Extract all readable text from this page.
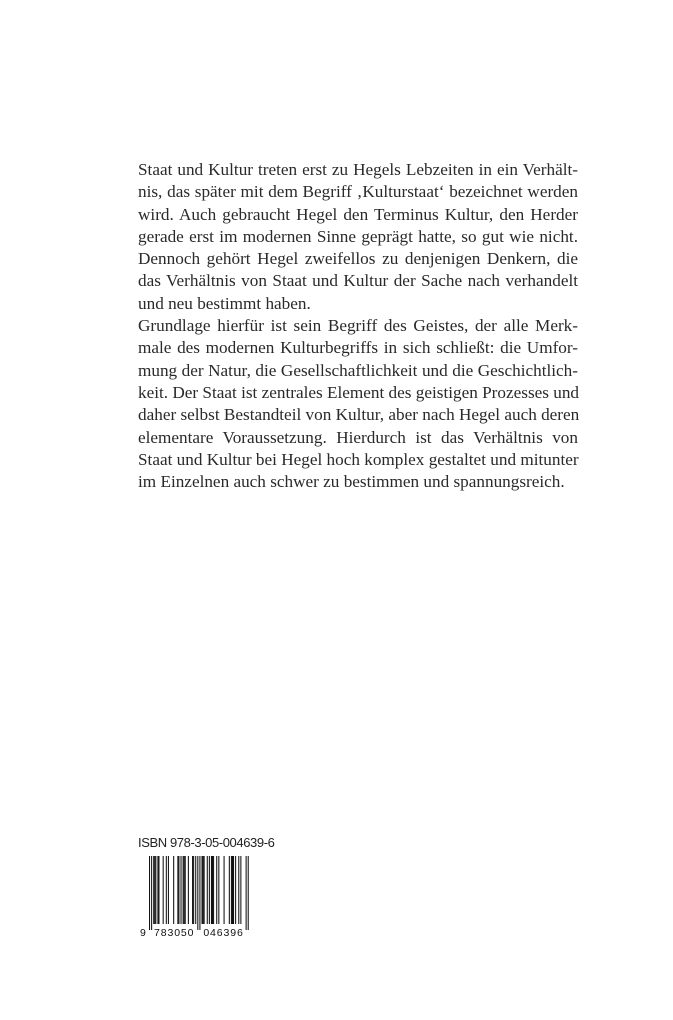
Staat und Kultur treten erst zu Hegels Lebzeiten in ein Verhält-
nis, das später mit dem Begriff ‚Kulturstaat‘ bezeichnet werden
wird. Auch gebraucht Hegel den Terminus Kultur, den Herder
gerade erst im modernen Sinne geprägt hatte, so gut wie nicht.
Dennoch gehört Hegel zweifellos zu denjenigen Denkern, die
das Verhältnis von Staat und Kultur der Sache nach verhandelt
und neu bestimmt haben.

Grundlage hierfür ist sein Begriff des Geistes, der alle Merk-
male des modernen Kulturbegriffs in sich schließt: die Umfor-
mung der Natur, die Gesellschaftlichkeit und die Geschichtlich-
keit. Der Staat ist zentrales Element des geistigen Prozesses und
daher selbst Bestandteil von Kultur, aber nach Hegel auch deren
elementare Voraussetzung. Hierdurch ist das Verhältnis von
Staat und Kultur bei Hegel hoch komplex gestaltet und mitunter
im Einzelnen auch schwer zu bestimmen und spannungsreich.

ISBN 978-3-05-004639-6
9 783050 046396
